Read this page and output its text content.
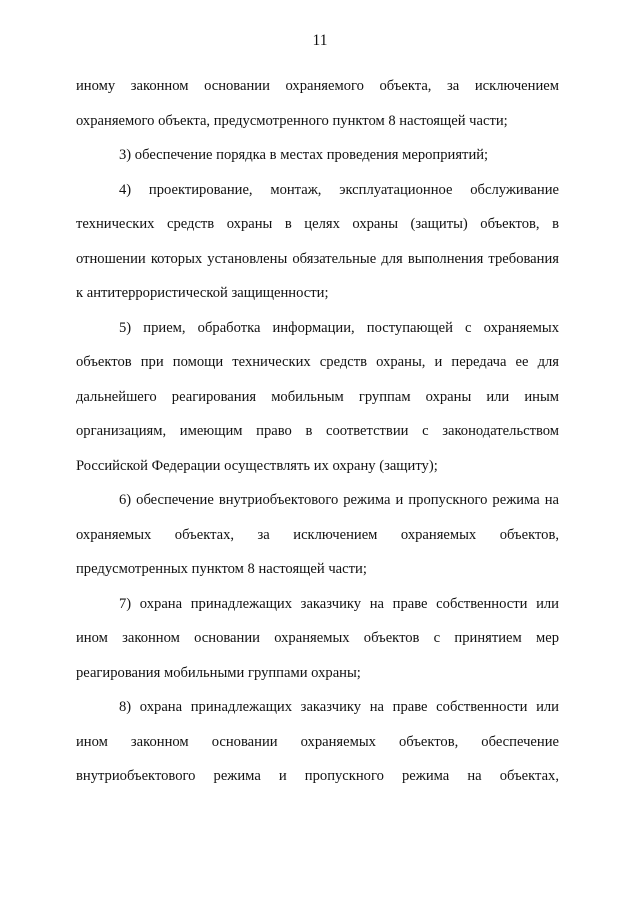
11

иному законном основании охраняемого объекта, за исключением охраняемого объекта, предусмотренного пунктом 8 настоящей части;

3) обеспечение порядка в местах проведения мероприятий;

4) проектирование, монтаж, эксплуатационное обслуживание технических средств охраны в целях охраны (защиты) объектов, в отношении которых установлены обязательные для выполнения требования к антитеррористической защищенности;

5) прием, обработка информации, поступающей с охраняемых объектов при помощи технических средств охраны, и передача ее для дальнейшего реагирования мобильным группам охраны или иным организациям, имеющим право в соответствии с законодательством Российской Федерации осуществлять их охрану (защиту);

6) обеспечение внутриобъектового режима и пропускного режима на охраняемых объектах, за исключением охраняемых объектов, предусмотренных пунктом 8 настоящей части;

7) охрана принадлежащих заказчику на праве собственности или ином законном основании охраняемых объектов с принятием мер реагирования мобильными группами охраны;

8) охрана принадлежащих заказчику на праве собственности или ином законном основании охраняемых объектов, обеспечение внутриобъектового режима и пропускного режима на объектах,
